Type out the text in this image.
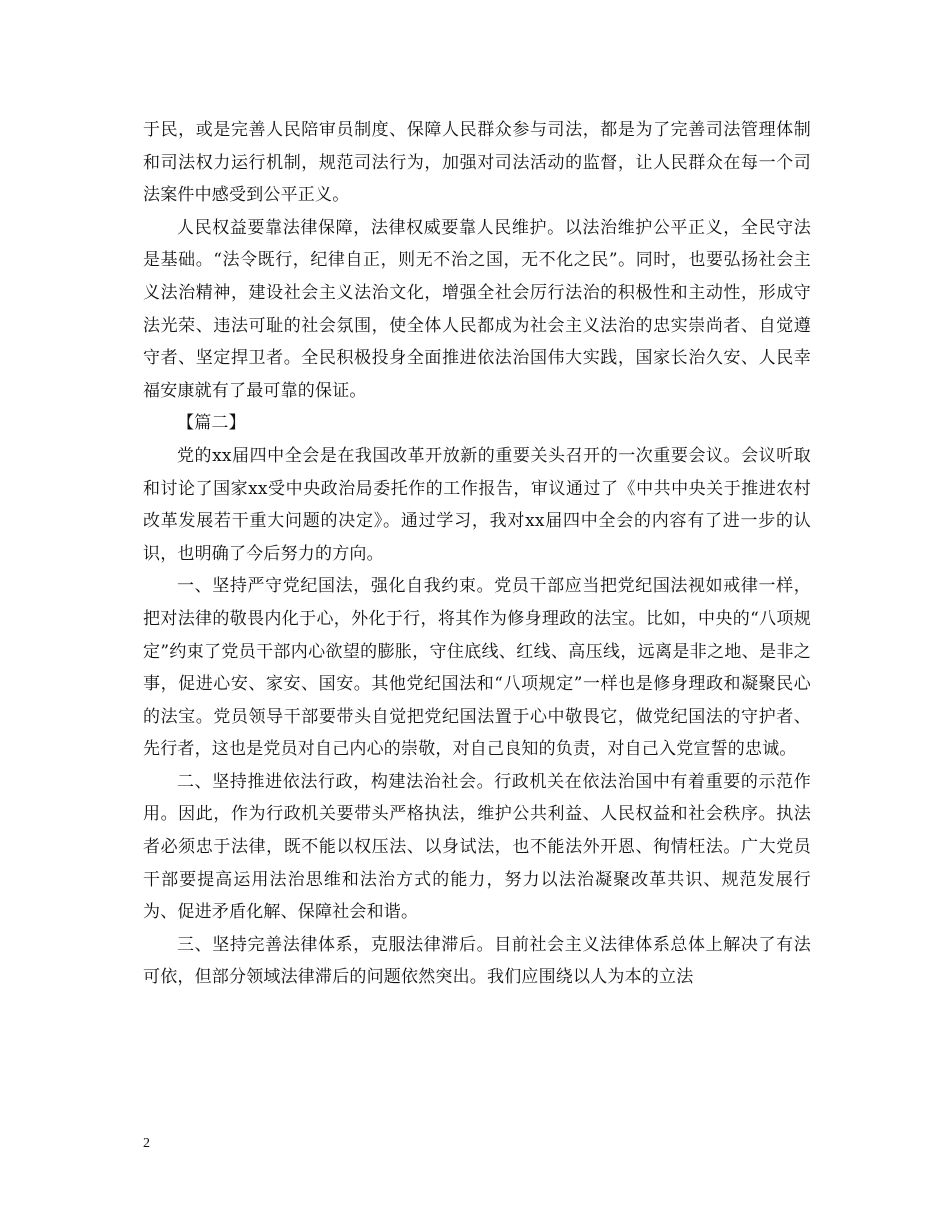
于民，或是完善人民陪审员制度、保障人民群众参与司法，都是为了完善司法管理体制和司法权力运行机制，规范司法行为，加强对司法活动的监督，让人民群众在每一个司法案件中感受到公平正义。

人民权益要靠法律保障，法律权威要靠人民维护。以法治维护公平正义，全民守法是基础。“法令既行，纪律自正，则无不治之国，无不化之民”。同时，也要弘扬社会主义法治精神，建设社会主义法治文化，增强全社会厉行法治的积极性和主动性，形成守法光荣、违法可耻的社会氛围，使全体人民都成为社会主义法治的忠实崇尚者、自觉遵守者、坚定捍卫者。全民积极投身全面推进依法治国伟大实践，国家长治久安、人民幸福安康就有了最可靠的保证。

【篇二】

党的xx届四中全会是在我国改革开放新的重要关头召开的一次重要会议。会议听取和讨论了国家xx受中央政治局委托作的工作报告，审议通过了《中共中央关于推进农村改革发展若干重大问题的决定》。通过学习，我对xx届四中全会的内容有了进一步的认识，也明确了今后努力的方向。

一、坚持严守党纪国法，强化自我约束。党员干部应当把党纪国法视如戒律一样，把对法律的敬畏内化于心，外化于行，将其作为修身理政的法宝。比如，中央的“八项规定”约束了党员干部内心欲望的膨胀，守住底线、红线、高压线，远离是非之地、是非之事，促进心安、家安、国安。其他党纪国法和“八项规定”一样也是修身理政和凝聚民心的法宝。党员领导干部要带头自觉把党纪国法置于心中敬畏它，做党纪国法的守护者、先行者，这也是党员对自己内心的崇敬，对自己良知的负责，对自己入党宣誓的忠诚。

二、坚持推进依法行政，构建法治社会。行政机关在依法治国中有着重要的示范作用。因此，作为行政机关要带头严格执法，维护公共利益、人民权益和社会秩序。执法者必须忠于法律，既不能以权压法、以身试法，也不能法外开恩、徇情枉法。广大党员干部要提高运用法治思维和法治方式的能力，努力以法治凝聚改革共识、规范发展行为、促进矛盾化解、保障社会和谐。

三、坚持完善法律体系，克服法律滞后。目前社会主义法律体系总体上解决了有法可依，但部分领域法律滞后的问题依然突出。我们应围绕以人为本的立法

2
